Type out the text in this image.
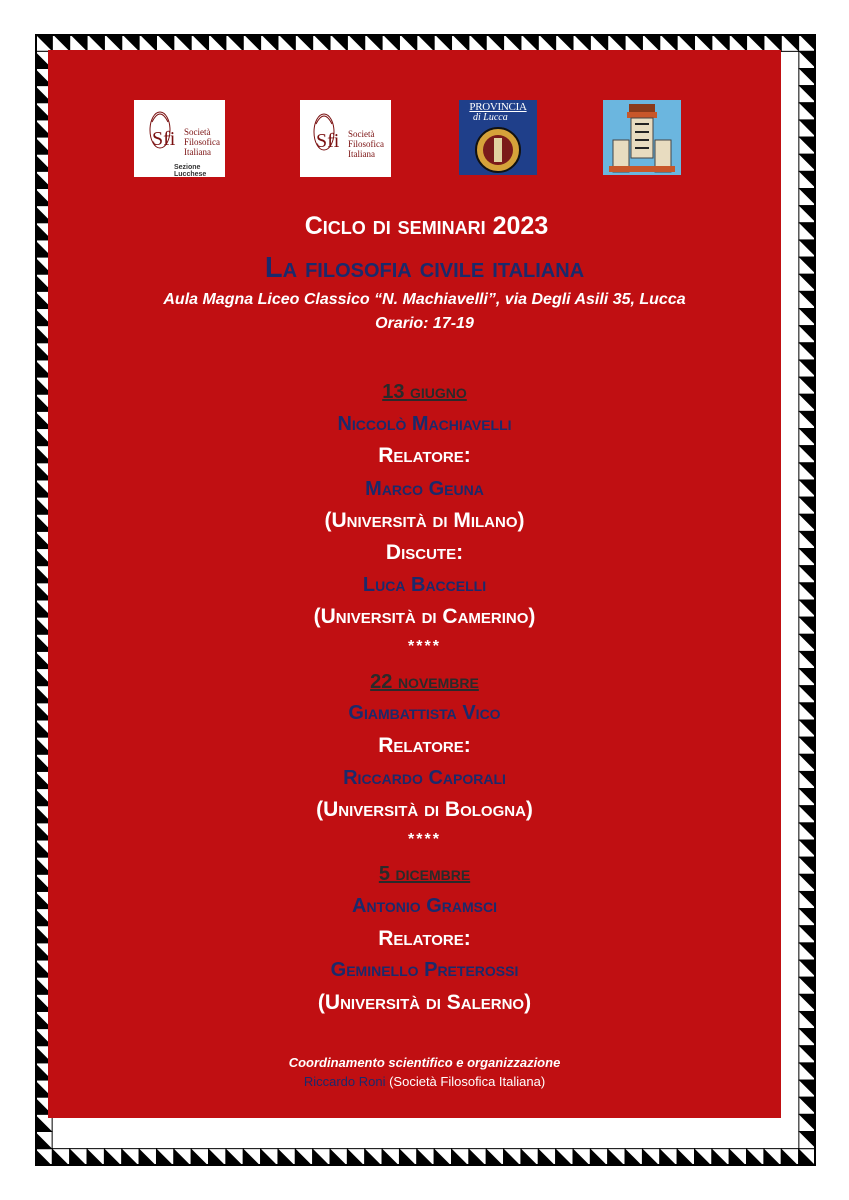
Sfi Società
Filosofica
Italiana
Sezione Lucchese
Sfi Società
Filosofica
Italiana
PROVINCIA
di Lucca
Ciclo di seminari 2023
La filosofia civile italiana
Aula Magna Liceo Classico “N. Machiavelli”, via Degli Asili 35, Lucca
Orario: 17-19
13 giugno
Niccolò Machiavelli
Relatore:
Marco Geuna
(Università di Milano)
Discute:
Luca Baccelli
(Università di Camerino)
****
22 novembre
Giambattista Vico
Relatore:
Riccardo Caporali
(Università di Bologna)
****
5 dicembre
Antonio Gramsci
Relatore:
Geminello Preterossi
(Università di Salerno)
Coordinamento scientifico e organizzazione
Riccardo Roni (Società Filosofica Italiana)
